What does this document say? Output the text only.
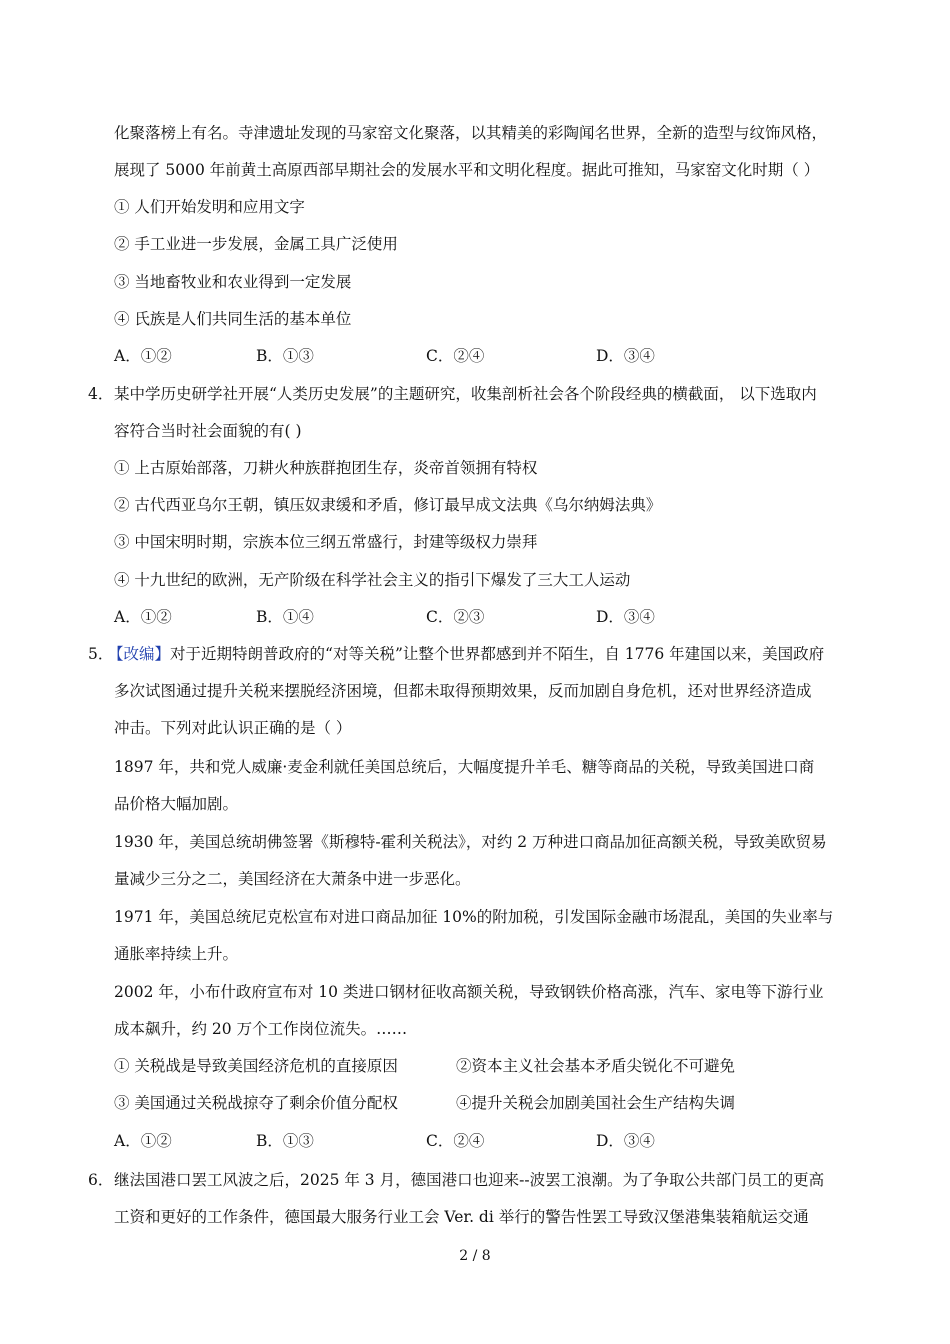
化聚落榜上有名。寺津遗址发现的马家窑文化聚落，以其精美的彩陶闻名世界，全新的造型与纹饰风格，
展现了 5000 年前黄土高原西部早期社会的发展水平和文明化程度。据此可推知，马家窑文化时期（ ）
① 人们开始发明和应用文字
② 手工业进一步发展，金属工具广泛使用
③ 当地畜牧业和农业得到一定发展
④ 氏族是人们共同生活的基本单位
A．①②	B．①③	C．②④	D．③④
4． 某中学历史研学社开展“人类历史发展”的主题研究，收集剖析社会各个阶段经典的横截面， 以下选取内
容符合当时社会面貌的有( )
① 上古原始部落，刀耕火种族群抱团生存，炎帝首领拥有特权
② 古代西亚乌尔王朝，镇压奴隶缓和矛盾，修订最早成文法典《乌尔纳姆法典》
③ 中国宋明时期，宗族本位三纲五常盛行，封建等级权力崇拜
④ 十九世纪的欧洲，无产阶级在科学社会主义的指引下爆发了三大工人运动
A．①②	B．①④	C．②③	D．③④
5．
【改编】对于近期特朗普政府的“对等关税”让整个世界都感到并不陌生，自 1776 年建国以来，美国政府
多次试图通过提升关税来摆脱经济困境，但都未取得预期效果，反而加剧自身危机，还对世界经济造成
冲击。下列对此认识正确的是（ ）
1897 年，共和党人威廉·麦金利就任美国总统后，大幅度提升羊毛、糖等商品的关税，导致美国进口商
品价格大幅加剧。
1930 年，美国总统胡佛签署《斯穆特-霍利关税法》，对约 2 万种进口商品加征高额关税，导致美欧贸易
量减少三分之二，美国经济在大萧条中进一步恶化。
1971 年，美国总统尼克松宣布对进口商品加征 10%的附加税，引发国际金融市场混乱，美国的失业率与
通胀率持续上升。
2002 年，小布什政府宣布对 10 类进口钢材征收高额关税，导致钢铁价格高涨，汽车、家电等下游行业
成本飙升，约 20 万个工作岗位流失。……
① 关税战是导致美国经济危机的直接原因	②资本主义社会基本矛盾尖锐化不可避免
③ 美国通过关税战掠夺了剩余价值分配权	④提升关税会加剧美国社会生产结构失调
A．①②	B．①③	C．②④	D．③④
6． 继法国港口罢工风波之后，2025 年 3 月，德国港口也迎来--波罢工浪潮。为了争取公共部门员工的更高
工资和更好的工作条件，德国最大服务行业工会 Ver. di 举行的警告性罢工导致汉堡港集装箱航运交通
2 / 8
